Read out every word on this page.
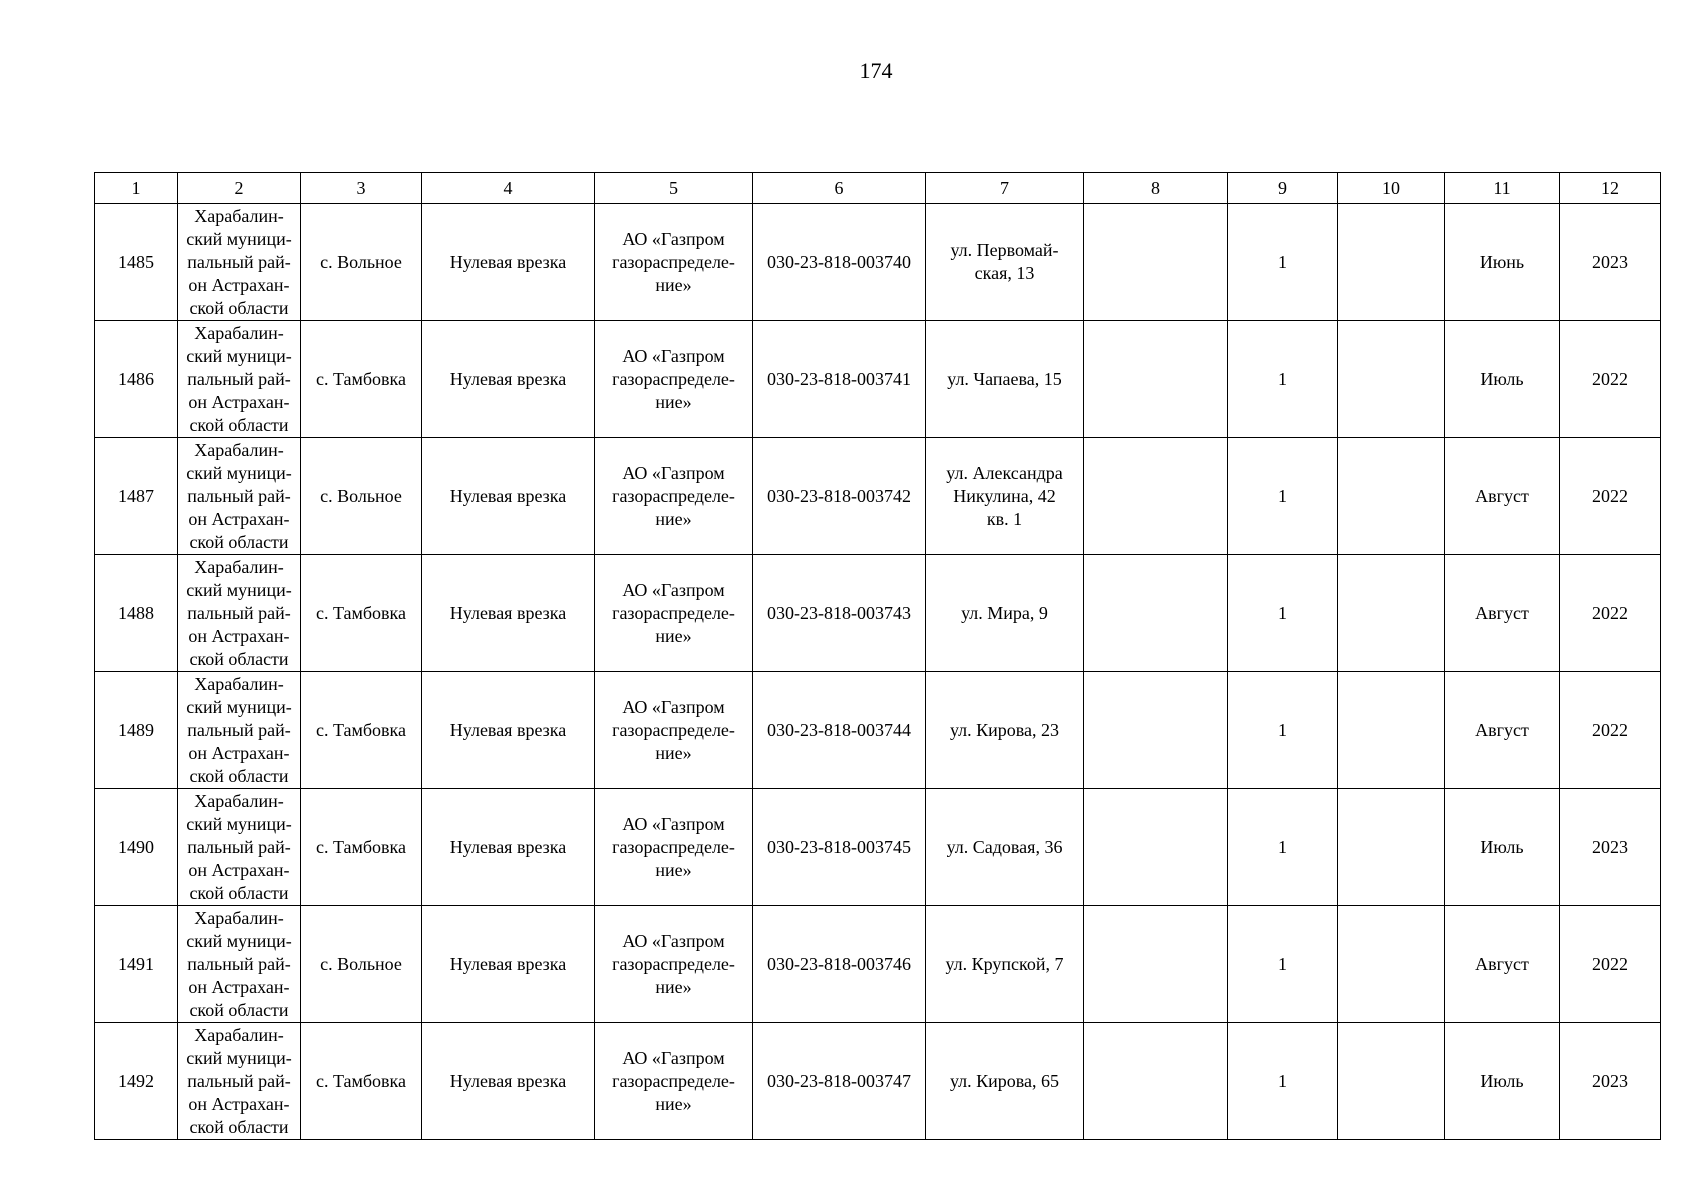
174
1	2	3	4	5	6	7	8	9	10	11	12
1485	Харабалин-
ский муници-
пальный рай-
он Астрахан-
ской области	с. Вольное	Нулевая врезка	АО «Газпром
газораспределе-
ние»	030-23-818-003740	ул. Первомай-
ская, 13		1		Июнь	2023
1486	Харабалин-
ский муници-
пальный рай-
он Астрахан-
ской области	с. Тамбовка	Нулевая врезка	АО «Газпром
газораспределе-
ние»	030-23-818-003741	ул. Чапаева, 15		1		Июль	2022
1487	Харабалин-
ский муници-
пальный рай-
он Астрахан-
ской области	с. Вольное	Нулевая врезка	АО «Газпром
газораспределе-
ние»	030-23-818-003742	ул. Александра
Никулина, 42
кв. 1		1		Август	2022
1488	Харабалин-
ский муници-
пальный рай-
он Астрахан-
ской области	с. Тамбовка	Нулевая врезка	АО «Газпром
газораспределе-
ние»	030-23-818-003743	ул. Мира, 9		1		Август	2022
1489	Харабалин-
ский муници-
пальный рай-
он Астрахан-
ской области	с. Тамбовка	Нулевая врезка	АО «Газпром
газораспределе-
ние»	030-23-818-003744	ул. Кирова, 23		1		Август	2022
1490	Харабалин-
ский муници-
пальный рай-
он Астрахан-
ской области	с. Тамбовка	Нулевая врезка	АО «Газпром
газораспределе-
ние»	030-23-818-003745	ул. Садовая, 36		1		Июль	2023
1491	Харабалин-
ский муници-
пальный рай-
он Астрахан-
ской области	с. Вольное	Нулевая врезка	АО «Газпром
газораспределе-
ние»	030-23-818-003746	ул. Крупской, 7		1		Август	2022
1492	Харабалин-
ский муници-
пальный рай-
он Астрахан-
ской области	с. Тамбовка	Нулевая врезка	АО «Газпром
газораспределе-
ние»	030-23-818-003747	ул. Кирова, 65		1		Июль	2023
